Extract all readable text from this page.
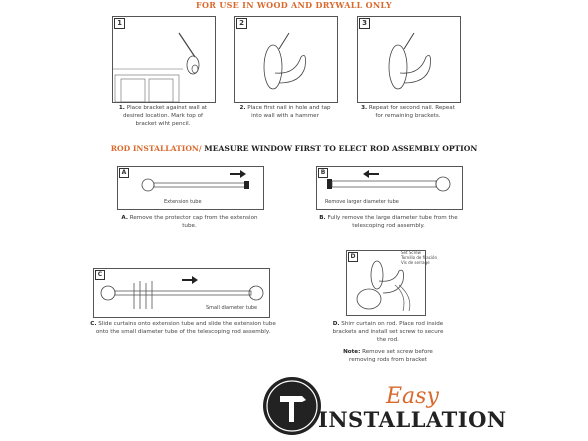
FOR USE IN WOOD AND DRYWALL ONLY
1
1. Place bracket against wall at desired location. Mark top of bracket wiht pencil.
2
2. Place first nail in hole and tap into wall with a hammer
3
3. Repeat for second nail. Repeat for remaining brackets.
ROD INSTALLATION/ MEASURE WINDOW FIRST TO ELECT ROD ASSEMBLY OPTION
A
Extension tube
A. Remove the protector cap from the extension tube.
B
Remove larger diameter tube
B. Fully remove the large diameter tube from the telescoping rod assembly.
C
Small diameter tube
C. Slide curtains onto extension tube and slide the extension tube onto the small diameter tube of the telescoping rod assembly.
D
Set Screw
Tornillo de fijación
Vis de serrage
D. Shirr curtain on rod. Place rod inside brackets and install set screw to secure the rod.
Note: Remove set screw before removing rods from bracket
Easy
INSTALLATION
